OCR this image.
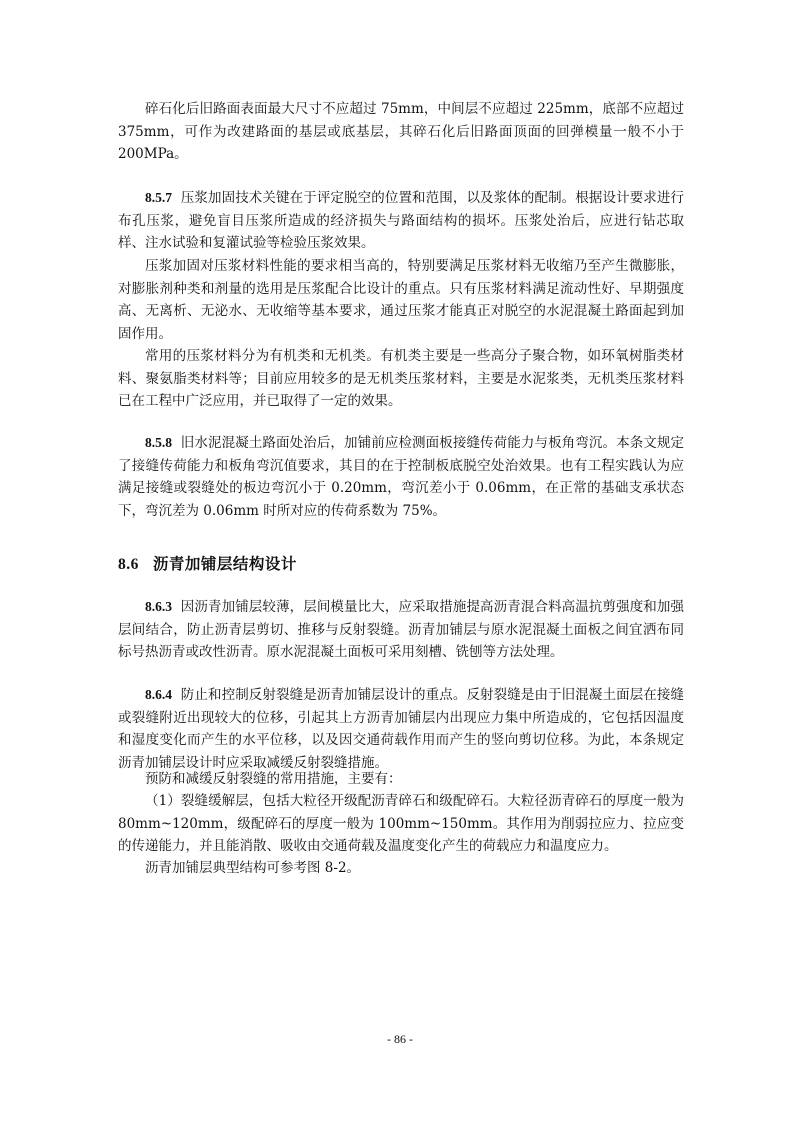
碎石化后旧路面表面最大尺寸不应超过 75mm，中间层不应超过 225mm，底部不应超过 375mm，可作为改建路面的基层或底基层，其碎石化后旧路面顶面的回弹模量一般不小于 200MPa。

8.5.7 压浆加固技术关键在于评定脱空的位置和范围，以及浆体的配制。根据设计要求进行布孔压浆，避免盲目压浆所造成的经济损失与路面结构的损坏。压浆处治后，应进行钻芯取样、注水试验和复灌试验等检验压浆效果。

压浆加固对压浆材料性能的要求相当高的，特别要满足压浆材料无收缩乃至产生微膨胀，对膨胀剂种类和剂量的选用是压浆配合比设计的重点。只有压浆材料满足流动性好、早期强度高、无离析、无泌水、无收缩等基本要求，通过压浆才能真正对脱空的水泥混凝土路面起到加固作用。

常用的压浆材料分为有机类和无机类。有机类主要是一些高分子聚合物，如环氧树脂类材料、聚氨脂类材料等；目前应用较多的是无机类压浆材料，主要是水泥浆类，无机类压浆材料已在工程中广泛应用，并已取得了一定的效果。

8.5.8 旧水泥混凝土路面处治后，加铺前应检测面板接缝传荷能力与板角弯沉。本条文规定了接缝传荷能力和板角弯沉值要求，其目的在于控制板底脱空处治效果。也有工程实践认为应满足接缝或裂缝处的板边弯沉小于 0.20mm，弯沉差小于 0.06mm，在正常的基础支承状态下，弯沉差为 0.06mm 时所对应的传荷系数为 75%。

8.6 沥青加铺层结构设计

8.6.3 因沥青加铺层较薄，层间模量比大，应采取措施提高沥青混合料高温抗剪强度和加强层间结合，防止沥青层剪切、推移与反射裂缝。沥青加铺层与原水泥混凝土面板之间宜洒布同标号热沥青或改性沥青。原水泥混凝土面板可采用刻槽、铣刨等方法处理。

8.6.4 防止和控制反射裂缝是沥青加铺层设计的重点。反射裂缝是由于旧混凝土面层在接缝或裂缝附近出现较大的位移，引起其上方沥青加铺层内出现应力集中所造成的，它包括因温度和湿度变化而产生的水平位移，以及因交通荷载作用而产生的竖向剪切位移。为此，本条规定沥青加铺层设计时应采取减缓反射裂缝措施。

预防和减缓反射裂缝的常用措施，主要有：

（1）裂缝缓解层，包括大粒径开级配沥青碎石和级配碎石。大粒径沥青碎石的厚度一般为 80mm~120mm，级配碎石的厚度一般为 100mm~150mm。其作用为削弱拉应力、拉应变的传递能力，并且能消散、吸收由交通荷载及温度变化产生的荷载应力和温度应力。

沥青加铺层典型结构可参考图 8-2。

- 86 -
